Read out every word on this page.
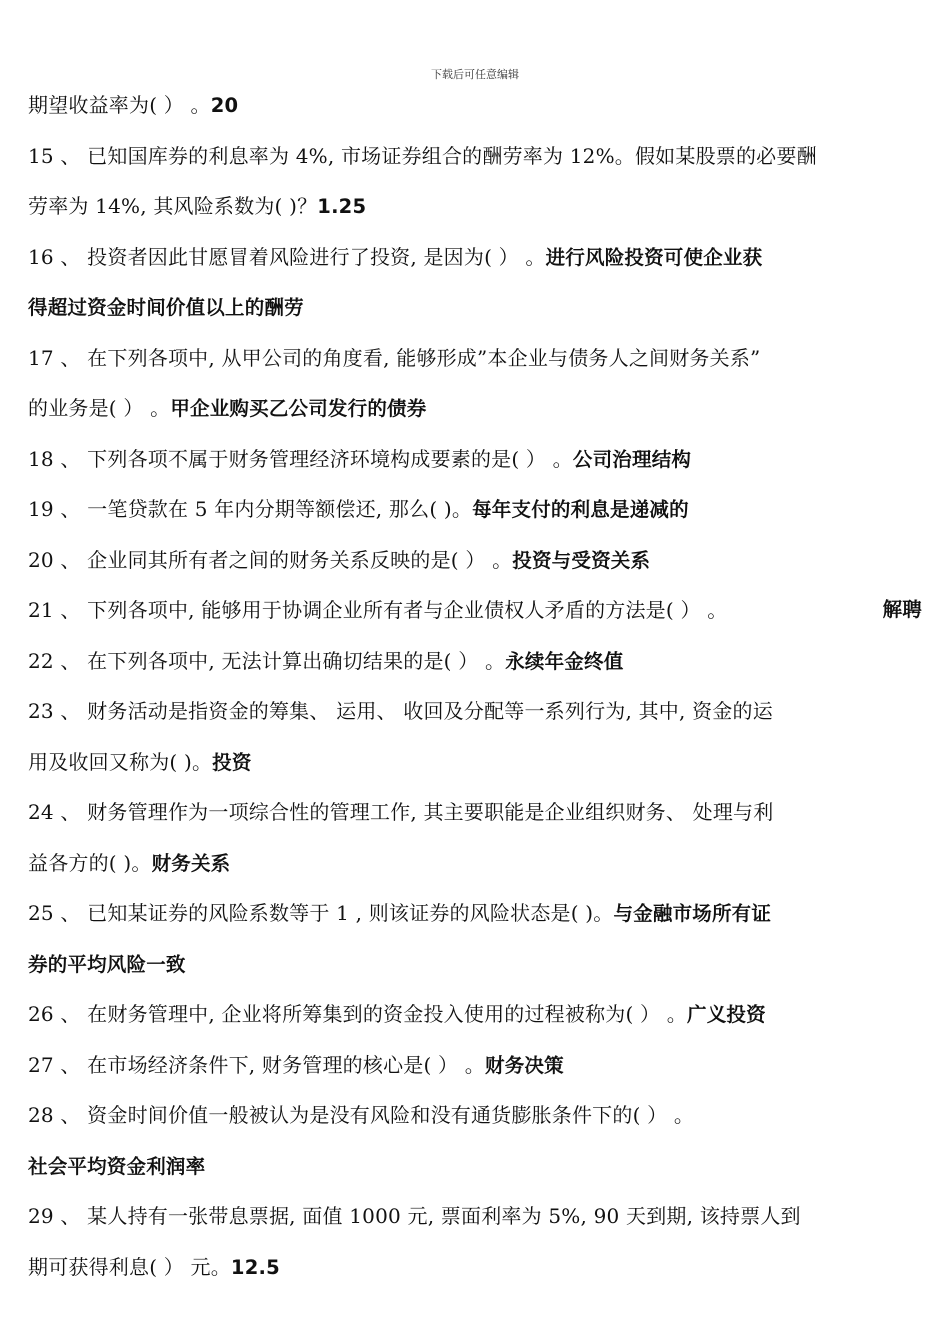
下载后可任意编辑
期望收益率为( ） 。20
15 、 已知国库券的利息率为 4%, 市场证券组合的酬劳率为 12%。假如某股票的必要酬
劳率为 14%, 其风险系数为( )？1.25
16 、 投资者因此甘愿冒着风险进行了投资, 是因为( ） 。进行风险投资可使企业获
得超过资金时间价值以上的酬劳
17 、 在下列各项中, 从甲公司的角度看, 能够形成”本企业与债务人之间财务关系”
的业务是( ） 。甲企业购买乙公司发行的债券
18 、 下列各项不属于财务管理经济环境构成要素的是( ） 。公司治理结构
19 、 一笔贷款在 5 年内分期等额偿还, 那么( )。每年支付的利息是递减的
20 、 企业同其所有者之间的财务关系反映的是( ） 。投资与受资关系
21 、 下列各项中, 能够用于协调企业所有者与企业债权人矛盾的方法是( ） 。	解聘
22 、 在下列各项中, 无法计算出确切结果的是( ） 。永续年金终值
23 、 财务活动是指资金的筹集、 运用、 收回及分配等一系列行为, 其中, 资金的运
用及收回又称为( )。投资
24 、 财务管理作为一项综合性的管理工作, 其主要职能是企业组织财务、 处理与利
益各方的( )。财务关系
25 、 已知某证券的风险系数等于 1 , 则该证券的风险状态是( )。与金融市场所有证
券的平均风险一致
26 、 在财务管理中, 企业将所筹集到的资金投入使用的过程被称为( ） 。广义投资
27 、 在市场经济条件下, 财务管理的核心是( ） 。财务决策
28 、 资金时间价值一般被认为是没有风险和没有通货膨胀条件下的( ） 。
社会平均资金利润率
29 、 某人持有一张带息票据, 面值 1000 元, 票面利率为 5%, 90 天到期, 该持票人到
期可获得利息( ） 元。12.5
